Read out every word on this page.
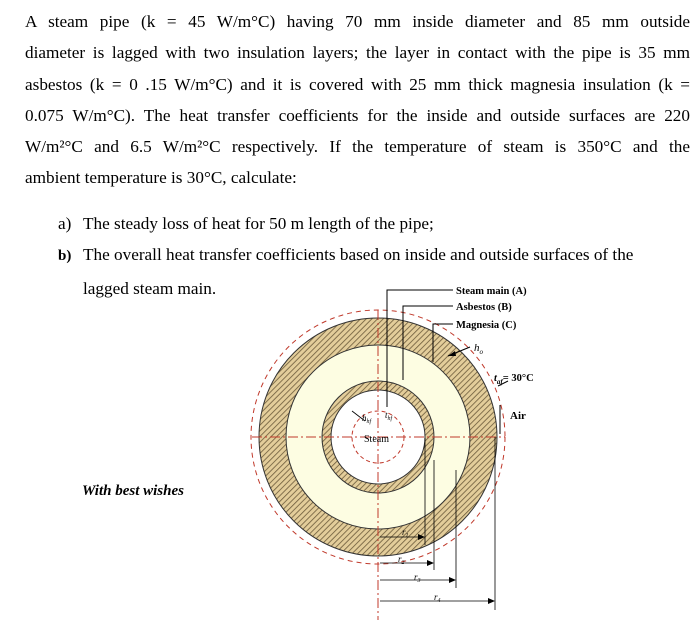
A steam pipe (k = 45 W/m°C) having 70 mm inside diameter and 85 mm outside
diameter is lagged with two insulation layers; the layer in contact with the pipe is 35 mm
asbestos (k = 0 .15 W/m°C) and it is covered with 25 mm thick magnesia insulation (k =
0.075 W/m°C). The heat transfer coefficients for the inside and outside surfaces are 220
W/m²°C and 6.5 W/m²°C respectively. If the temperature of steam is 350°C and the
ambient temperature is 30°C, calculate:
a) The steady loss of heat for 50 m length of the pipe;
b) The overall heat transfer coefficients based on inside and outside surfaces of the
lagged steam main.
With best wishes
Steam main (A)
Asbestos (B)
Magnesia (C)
$h_o$
$t_{af}= 30^\circ C$
Air
$h_{hf}$
$t_{hf}$
Steam
$r_1$
$r_2$
$r_3$
$r_4$
